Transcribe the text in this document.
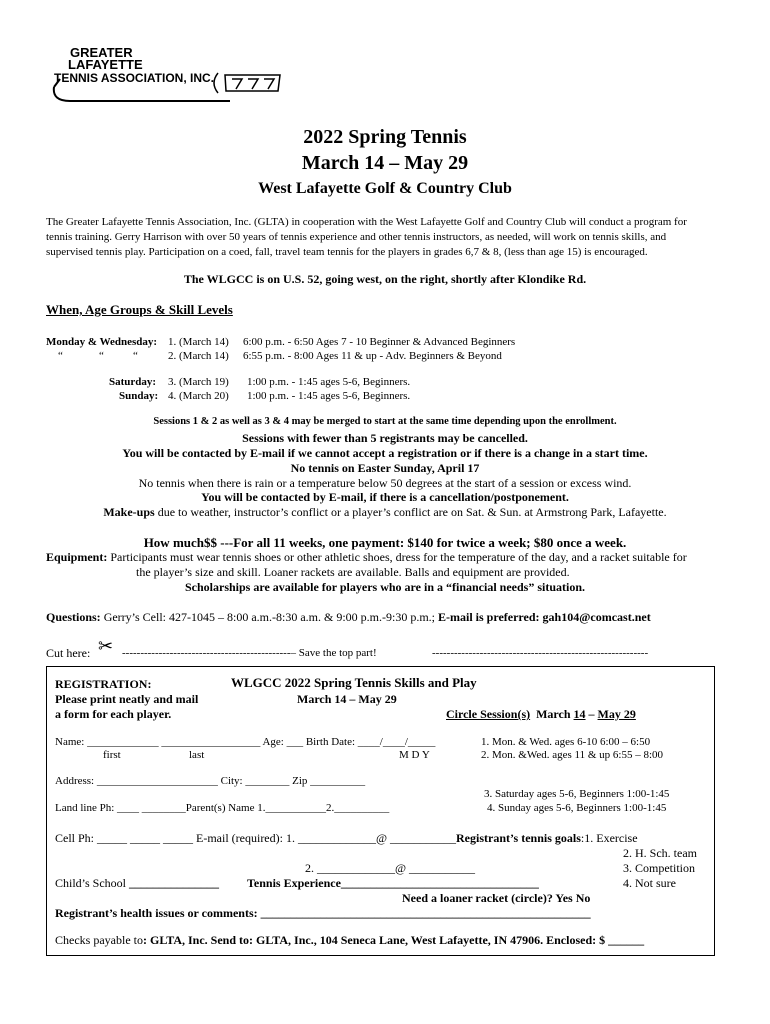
GREATER
LAFAYETTE
TENNIS ASSOCIATION, INC.
2022 Spring Tennis
March 14 – May 29
West Lafayette Golf & Country Club
The Greater Lafayette Tennis Association, Inc. (GLTA) in cooperation with the West Lafayette Golf and Country Club will conduct a program for
tennis training. Gerry Harrison with over 50 years of tennis experience and other tennis instructors, as needed, will work on tennis skills, and
supervised tennis play. Participation on a coed, fall, travel team tennis for the players in grades 6,7 & 8, (less than age 15) is encouraged.
The WLGCC is on U.S. 52, going west, on the right, shortly after Klondike Rd.
When, Age Groups & Skill Levels
Monday & Wednesday: 1. (March 14) 6:00 p.m. - 6:50 Ages 7 - 10 Beginner & Advanced Beginners
“	“	“	2. (March 14) 6:55 p.m. - 8:00 Ages 11 & up - Adv. Beginners & Beyond
Saturday: 3. (March 19) 1:00 p.m. - 1:45 ages 5-6, Beginners.
Sunday: 4. (March 20) 1:00 p.m. - 1:45 ages 5-6, Beginners.
Sessions 1 & 2 as well as 3 & 4 may be merged to start at the same time depending upon the enrollment.
Sessions with fewer than 5 registrants may be cancelled.
You will be contacted by E-mail if we cannot accept a registration or if there is a change in a start time.
No tennis on Easter Sunday, April 17
No tennis when there is rain or a temperature below 50 degrees at the start of a session or excess wind.
You will be contacted by E-mail, if there is a cancellation/postponement.
Make-ups due to weather, instructor’s conflict or a player’s conflict are on Sat. & Sun. at Armstrong Park, Lafayette.
How much$$ ---For all 11 weeks, one payment: $140 for twice a week; $80 once a week.
Equipment: Participants must wear tennis shoes or other athletic shoes, dress for the temperature of the day, and a racket suitable for
the player’s size and skill. Loaner rackets are available. Balls and equipment are provided.
Scholarships are available for players who are in a “financial needs” situation.
Questions: Gerry’s Cell: 427-1045 – 8:00 a.m.-8:30 a.m. & 9:00 p.m.-9:30 p.m.; E-mail is preferred: gah104@comcast.net
Cut here: ✂ ----------------------------------------------– Save the top part!	-----------------------------------------------------------
REGISTRATION:
Please print neatly and mail
a form for each player.
WLGCC 2022 Spring Tennis Skills and Play
March 14 – May 29
Circle Session(s) March 14 – May 29
Name: _____________ __________________ Age: ___ Birth Date: ____/____/_____
first	last	M D Y
1. Mon. & Wed. ages 6-10 6:00 – 6:50
2. Mon. &Wed. ages 11 & up 6:55 – 8:00
Address: ______________________ City: ________ Zip __________
3. Saturday ages 5-6, Beginners 1:00-1:45
4. Sunday ages 5-6, Beginners 1:00-1:45
Land line Ph: ____ ________Parent(s) Name 1.___________2.__________
Cell Ph: _____ _____ _____ E-mail (required): 1. _____________@ ___________Registrant’s tennis goals:1. Exercise
2. H. Sch. team
2. _____________@ ___________	3. Competition
Child’s School _______________ Tennis Experience_________________________________	4. Not sure
Need a loaner racket (circle)? Yes No
Registrant’s health issues or comments: _______________________________________________________
Checks payable to: GLTA, Inc. Send to: GLTA, Inc., 104 Seneca Lane, West Lafayette, IN 47906. Enclosed: $ ______
